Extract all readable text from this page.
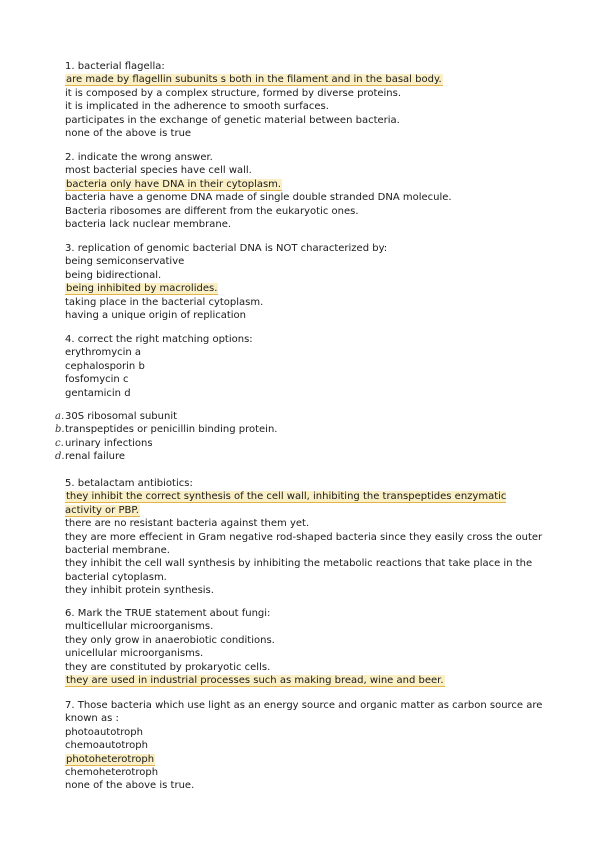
1. bacterial flagella:
are made by flagellin subunits s both in the filament and in the basal body.
it is composed by a complex structure, formed by diverse proteins.
it is implicated in the adherence to smooth surfaces.
participates in the exchange of genetic material between bacteria.
none of the above is true
2. indicate the wrong answer.
most bacterial species have cell wall.
bacteria only have DNA in their cytoplasm.
bacteria have a genome DNA made of single double stranded DNA molecule.
Bacteria ribosomes are different from the eukaryotic ones.
bacteria lack nuclear membrane.
3. replication of genomic bacterial DNA is NOT characterized by:
being semiconservative
being bidirectional.
being inhibited by macrolides.
taking place in the bacterial cytoplasm.
having a unique origin of replication
4. correct the right matching options:
erythromycin a
cephalosporin b
fosfomycin c
gentamicin d
a. 30S ribosomal subunit
b. transpeptides or penicillin binding protein.
c. urinary infections
d. renal failure
5. betalactam antibiotics:
they inhibit the correct synthesis of the cell wall, inhibiting the transpeptides enzymatic activity or PBP.
there are no resistant bacteria against them yet.
they are more effecient in Gram negative rod-shaped bacteria since they easily cross the outer bacterial membrane.
they inhibit the cell wall synthesis by inhibiting the metabolic reactions that take place in the bacterial cytoplasm.
they inhibit protein synthesis.
6. Mark the TRUE statement about fungi:
multicellular microorganisms.
they only grow in anaerobiotic conditions.
unicellular microorganisms.
they are constituted by prokaryotic cells.
they are used in industrial processes such as making bread, wine and beer.
7. Those bacteria which use light as an energy source and organic matter as carbon source are known as :
photoautotroph
chemoautotroph
photoheterotroph
chemoheterotroph
none of the above is true.
